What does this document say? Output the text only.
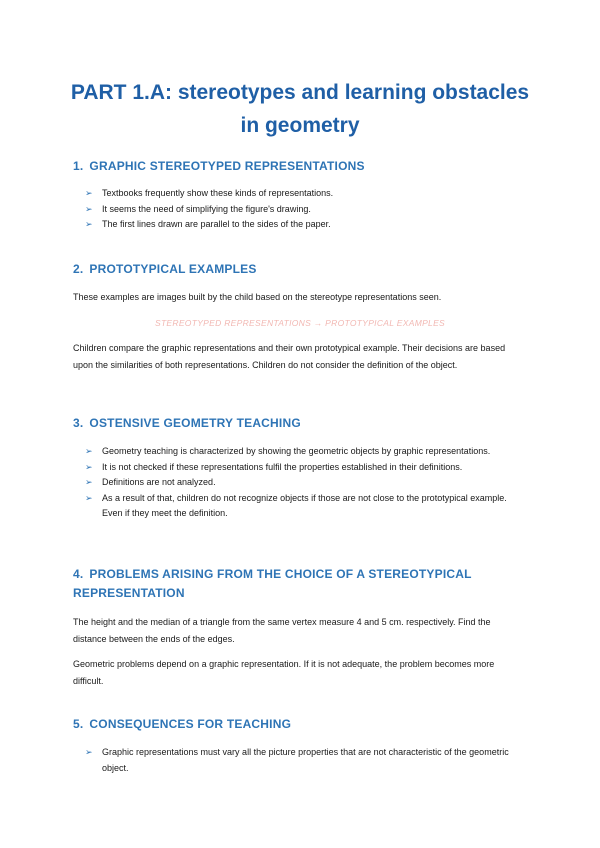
PART 1.A: stereotypes and learning obstacles in geometry
1. GRAPHIC STEREOTYPED REPRESENTATIONS
➢ Textbooks frequently show these kinds of representations.
➢ It seems the need of simplifying the figure's drawing.
➢ The first lines drawn are parallel to the sides of the paper.
2. PROTOTYPICAL EXAMPLES

These examples are images built by the child based on the stereotype representations seen.

STEREOTYPED REPRESENTATIONS → PROTOTYPICAL EXAMPLES

Children compare the graphic representations and their own prototypical example. Their decisions are based upon the similarities of both representations. Children do not consider the definition of the object.

3. OSTENSIVE GEOMETRY TEACHING
➢ Geometry teaching is characterized by showing the geometric objects by graphic representations.
➢ It is not checked if these representations fulfil the properties established in their definitions.
➢ Definitions are not analyzed.
➢ As a result of that, children do not recognize objects if those are not close to the prototypical example. Even if they meet the definition.
4. PROBLEMS ARISING FROM THE CHOICE OF A STEREOTYPICAL REPRESENTATION

The height and the median of a triangle from the same vertex measure 4 and 5 cm. respectively. Find the distance between the ends of the edges.

Geometric problems depend on a graphic representation. If it is not adequate, the problem becomes more difficult.

5. CONSEQUENCES FOR TEACHING
➢ Graphic representations must vary all the picture properties that are not characteristic of the geometric object.
